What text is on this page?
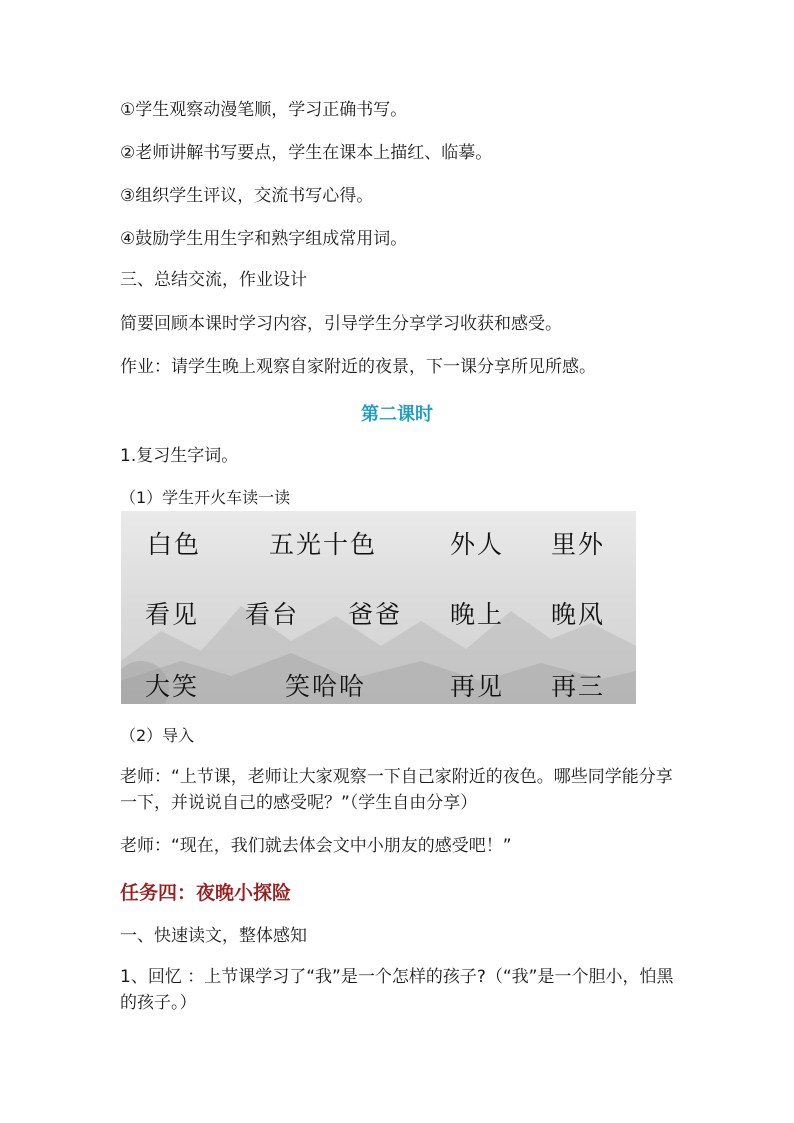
①学生观察动漫笔顺，学习正确书写。

②老师讲解书写要点，学生在课本上描红、临摹。

③组织学生评议，交流书写心得。

④鼓励学生用生字和熟字组成常用词。

三、总结交流，作业设计

简要回顾本课时学习内容，引导学生分享学习收获和感受。

作业：请学生晚上观察自家附近的夜景，下一课分享所见所感。

第二课时

1.复习生字词。

（1）学生开火车读一读

白色	五光十色	外人 里外
看见 看台 爸爸 晚上 晚风
大笑	笑哈哈	再见 再三

（2）导入

老师：“上节课，老师让大家观察一下自己家附近的夜色。哪些同学能分享一下，并说说自己的感受呢？”（学生自由分享）

老师：“现在，我们就去体会文中小朋友的感受吧！”

任务四：夜晚小探险

一、快速读文，整体感知

1、回忆 ：上节课学习了“我”是一个怎样的孩子?（“我”是一个胆小，怕黑的孩子。）
